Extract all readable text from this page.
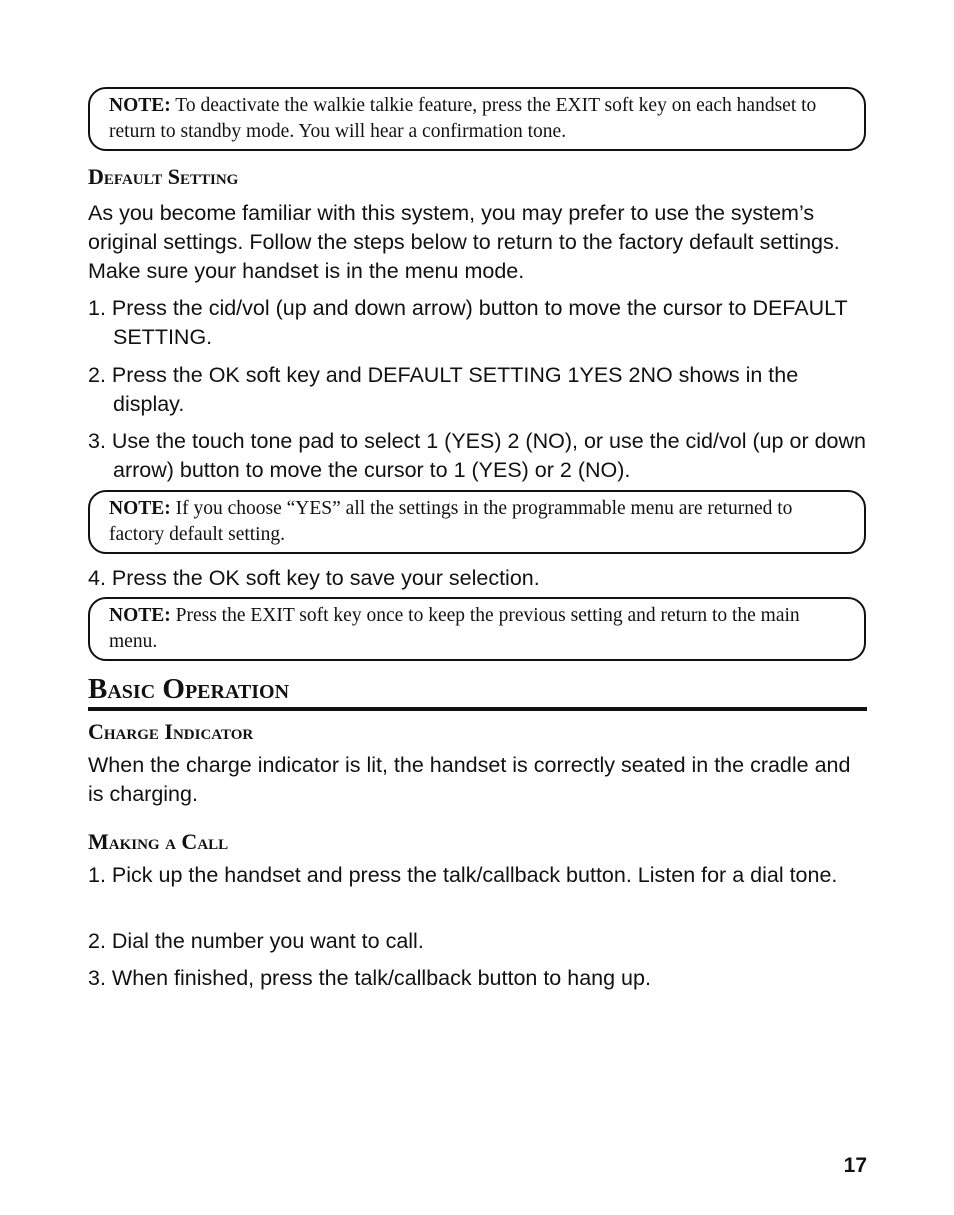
NOTE: To deactivate the walkie talkie feature, press the EXIT soft key on each handset to return to standby mode. You will hear a confirmation tone.
Default Setting
As you become familiar with this system, you may prefer to use the system’s original settings. Follow the steps below to return to the factory default settings. Make sure your handset is in the menu mode.
1. Press the cid/vol (up and down arrow) button to move the cursor to DEFAULT SETTING.
2. Press the OK soft key and DEFAULT SETTING 1YES 2NO shows in the display.
3. Use the touch tone pad to select 1 (YES) 2 (NO), or use the cid/vol (up or down arrow) button to move the cursor to 1 (YES) or 2 (NO).
NOTE: If you choose “YES” all the settings in the programmable menu are returned to factory default setting.
4. Press the OK soft key to save your selection.
NOTE: Press the EXIT soft key once to keep the previous setting and return to the main menu.
Basic Operation
Charge Indicator
When the charge indicator is lit, the handset is correctly seated in the cradle and is charging.
Making a Call
1. Pick up the handset and press the talk/callback button. Listen for a dial tone.
2. Dial the number you want to call.
3. When finished, press the talk/callback button to hang up.
17
